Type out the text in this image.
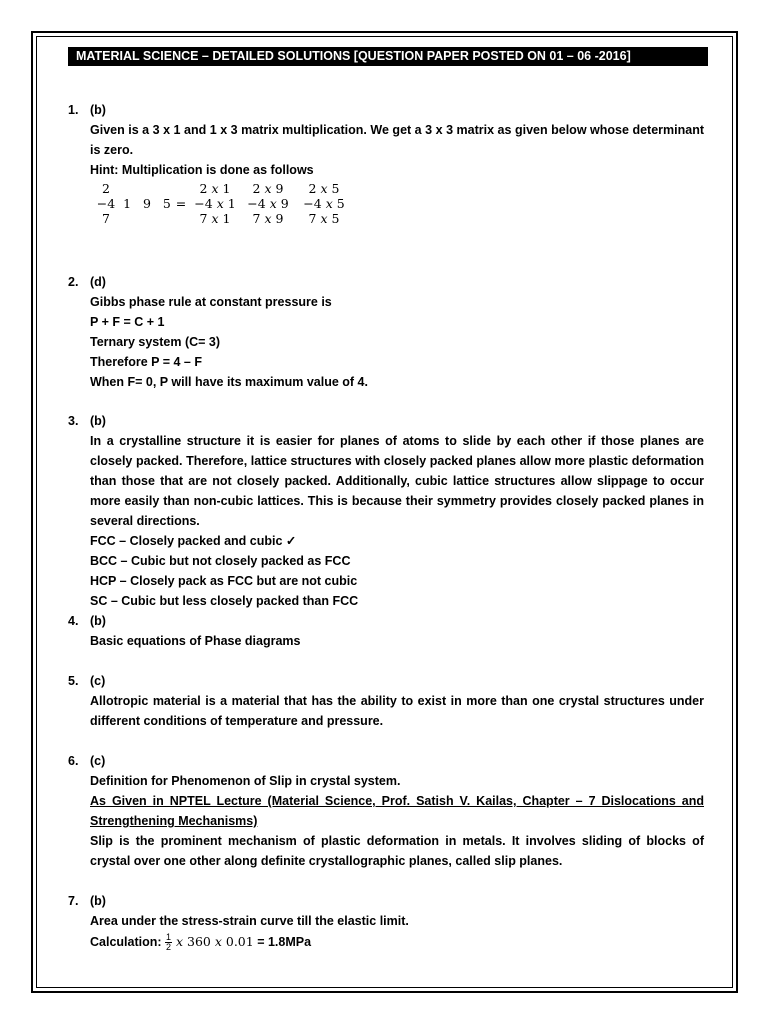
MATERIAL SCIENCE – DETAILED SOLUTIONS [QUESTION PAPER POSTED ON 01 – 06 -2016]
1. (b)
Given is a 3 x 1 and 1 x 3 matrix multiplication. We get a 3 x 3 matrix as given below whose determinant is zero.
Hint: Multiplication is done as follows
2			2 𝑥 1	2 𝑥 9	2 𝑥 5
−4	1   9   5	=	−4 𝑥 1	−4 𝑥 9	−4 𝑥 5
7			7 𝑥 1	7 𝑥 9	7 𝑥 5
2. (d)
Gibbs phase rule at constant pressure is
P + F = C + 1
Ternary system (C= 3)
Therefore P = 4 – F
When F= 0, P will have its maximum value of 4.
3. (b)
In a crystalline structure it is easier for planes of atoms to slide by each other if those planes are closely packed. Therefore, lattice structures with closely packed planes allow more plastic deformation than those that are not closely packed. Additionally, cubic lattice structures allow slippage to occur more easily than non-cubic lattices. This is because their symmetry provides closely packed planes in several directions.
FCC – Closely packed and cubic ✓
BCC – Cubic but not closely packed as FCC
HCP – Closely pack as FCC but are not cubic
SC – Cubic but less closely packed than FCC
4. (b)
Basic equations of Phase diagrams
5. (c)
Allotropic material is a material that has the ability to exist in more than one crystal structures under different conditions of temperature and pressure.
6. (c)
Definition for Phenomenon of Slip in crystal system.
As Given in NPTEL Lecture (Material Science, Prof. Satish V. Kailas, Chapter – 7 Dislocations and Strengthening Mechanisms)
Slip is the prominent mechanism of plastic deformation in metals. It involves sliding of blocks of crystal over one other along definite crystallographic planes, called slip planes.
7. (b)
Area under the stress-strain curve till the elastic limit.
Calculation: $\frac{1}{2}$ 𝑥 360 𝑥 0.01 = 1.8MPa
